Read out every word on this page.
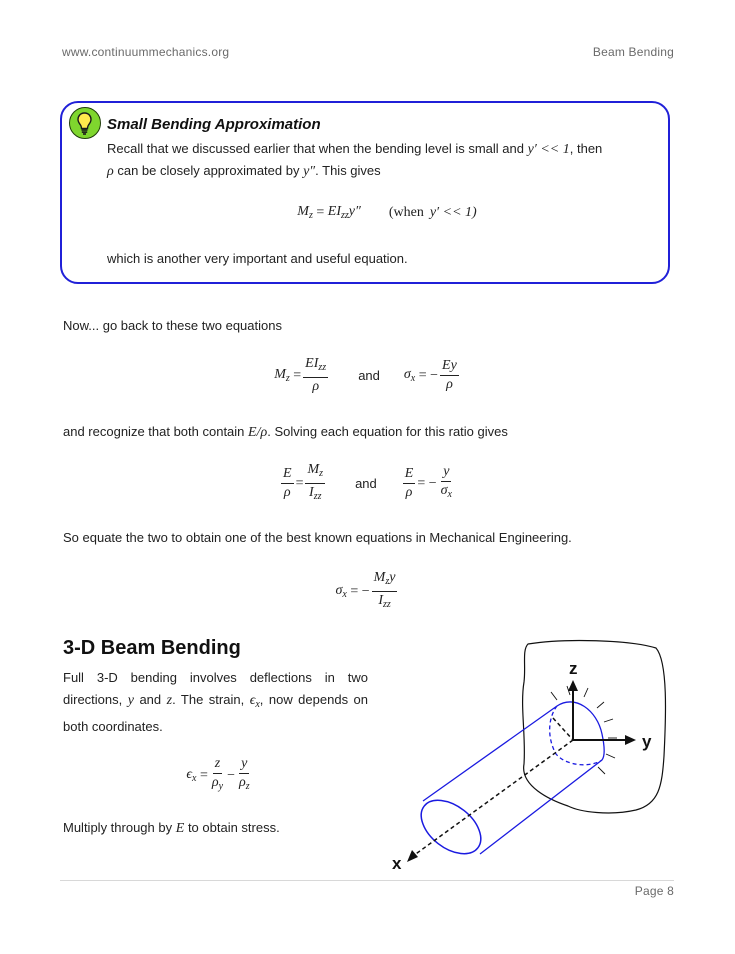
www.continuummechanics.org	Beam Bending
Small Bending Approximation
Recall that we discussed earlier that when the bending level is small and y′ << 1, then
ρ can be closely approximated by y″. This gives
$M_z = EI_{zz}y''$ (when y′ << 1)
which is another very important and useful equation.
Now... go back to these two equations
$M_z = \frac{EI_{zz}}{\rho}$ and $\sigma_x$ = − $\frac{Ey}{\rho}$
and recognize that both contain E/ρ. Solving each equation for this ratio gives
$\frac{E}{\rho} = \frac{M_z}{I_{zz}}$ and $\frac{E}{\rho}$ = − $\frac{y}{\sigma_x}$
So equate the two to obtain one of the best known equations in Mechanical Engineering.
$\sigma_x$ = − $\frac{M_zy}{I_{zz}}$
3-D Beam Bending
Full 3-D bending involves deflections in two directions, y and z. The strain, $\epsilon_x$, now depends on both coordinates.
$\epsilon_x = \frac{z}{\rho_y} - \frac{y}{\rho_z}$
Multiply through by E to obtain stress.
z
y
x
Page 8
